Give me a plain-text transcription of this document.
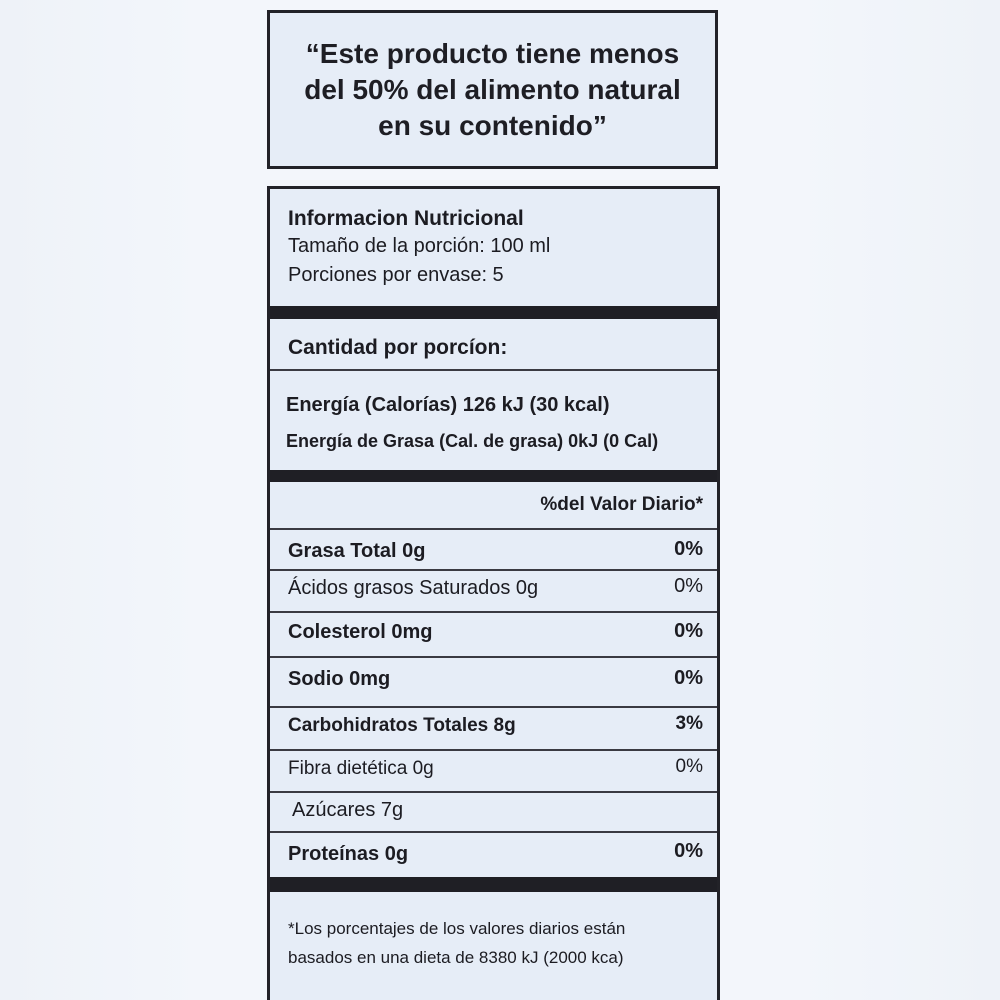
“Este producto tiene menos
del 50% del alimento natural
en su contenido”
Informacion Nutricional
Tamaño de la porción: 100 ml
Porciones por envase: 5
Cantidad por porcíon:
Energía (Calorías) 126 kJ (30 kcal)
Energía de Grasa (Cal. de grasa) 0kJ (0 Cal)
%del Valor Diario*
Grasa Total 0g	0%
Ácidos grasos Saturados 0g	0%
Colesterol 0mg	0%
Sodio 0mg	0%
Carbohidratos Totales 8g	3%
Fibra dietética 0g	0%
Azúcares 7g
Proteínas 0g	0%
*Los porcentajes de los valores diarios están
basados en una dieta de 8380 kJ (2000 kca)
